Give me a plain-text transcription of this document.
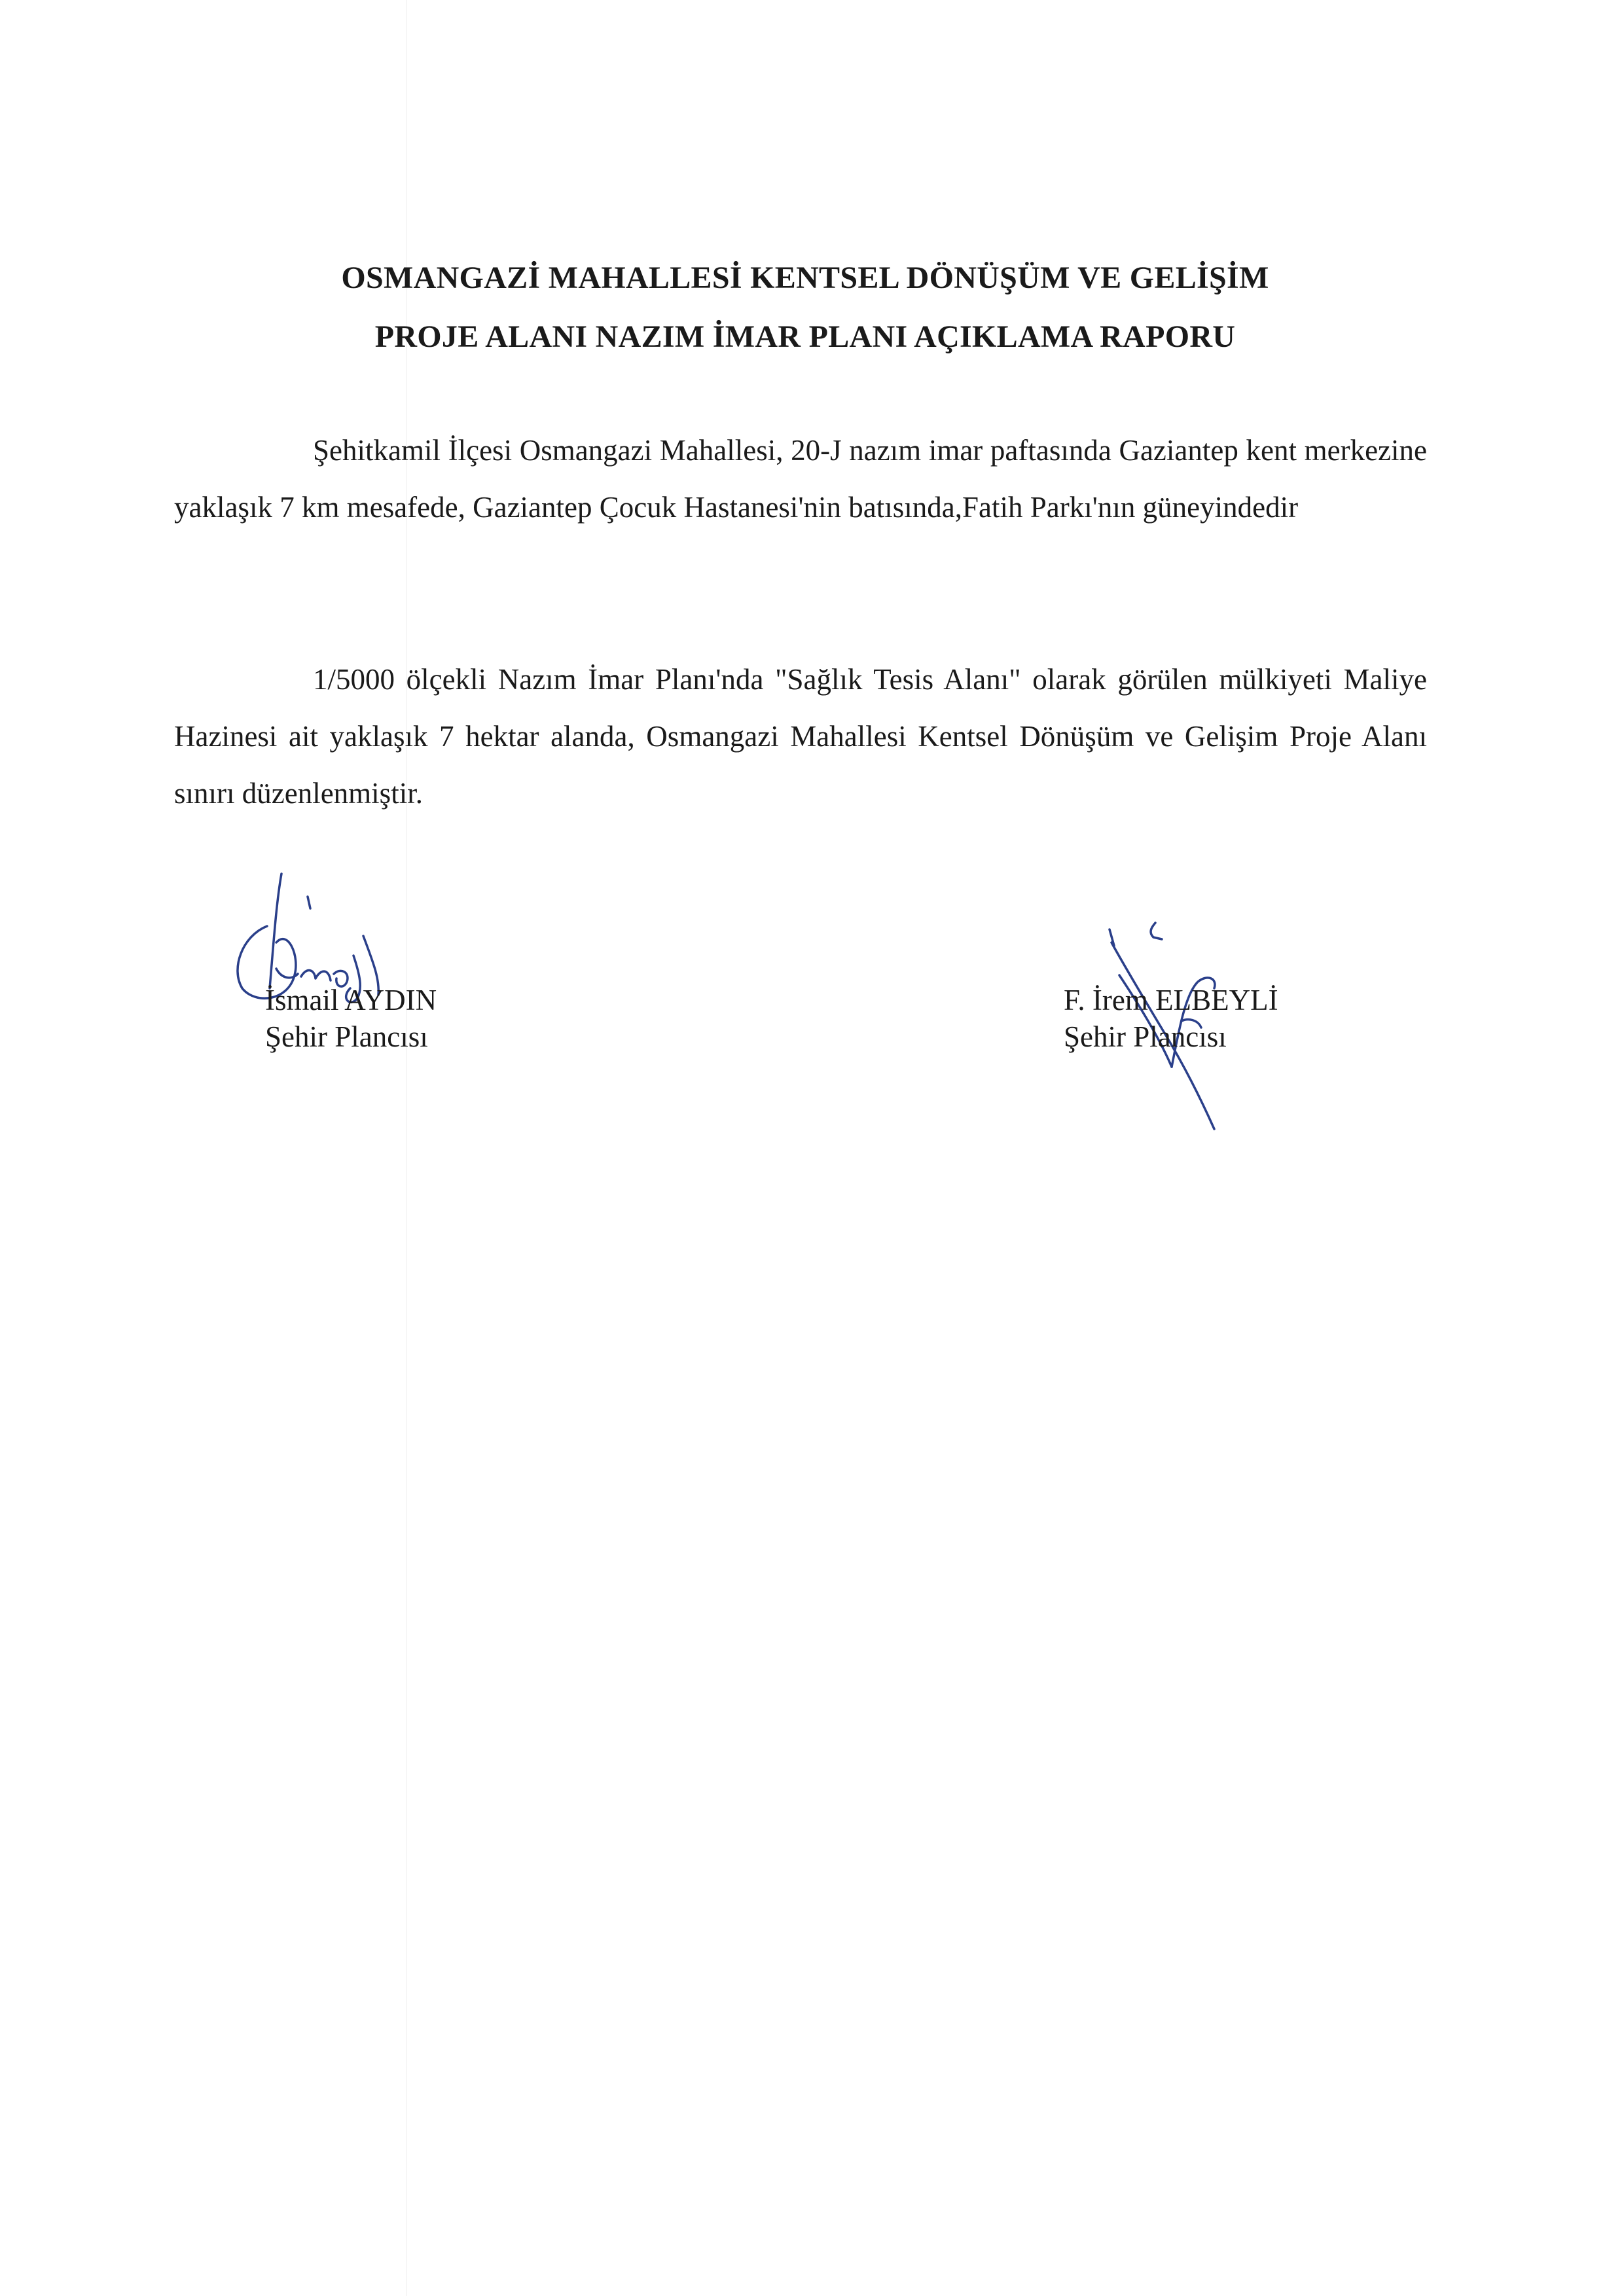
OSMANGAZİ MAHALLESİ KENTSEL DÖNÜŞÜM VE GELİŞİM
PROJE ALANI NAZIM İMAR PLANI AÇIKLAMA RAPORU

Şehitkamil İlçesi Osmangazi Mahallesi, 20-J nazım imar paftasında Gaziantep kent merkezine yaklaşık 7 km mesafede, Gaziantep Çocuk Hastanesi'nin batısında,Fatih Parkı'nın güneyindedir

1/5000 ölçekli Nazım İmar Planı'nda "Sağlık Tesis Alanı" olarak görülen mülkiyeti Maliye Hazinesi ait yaklaşık 7 hektar alanda, Osmangazi Mahallesi Kentsel Dönüşüm ve Gelişim Proje Alanı sınırı düzenlenmiştir.

İsmail AYDIN
Şehir Plancısı
F. İrem ELBEYLİ
Şehir Plancısı
